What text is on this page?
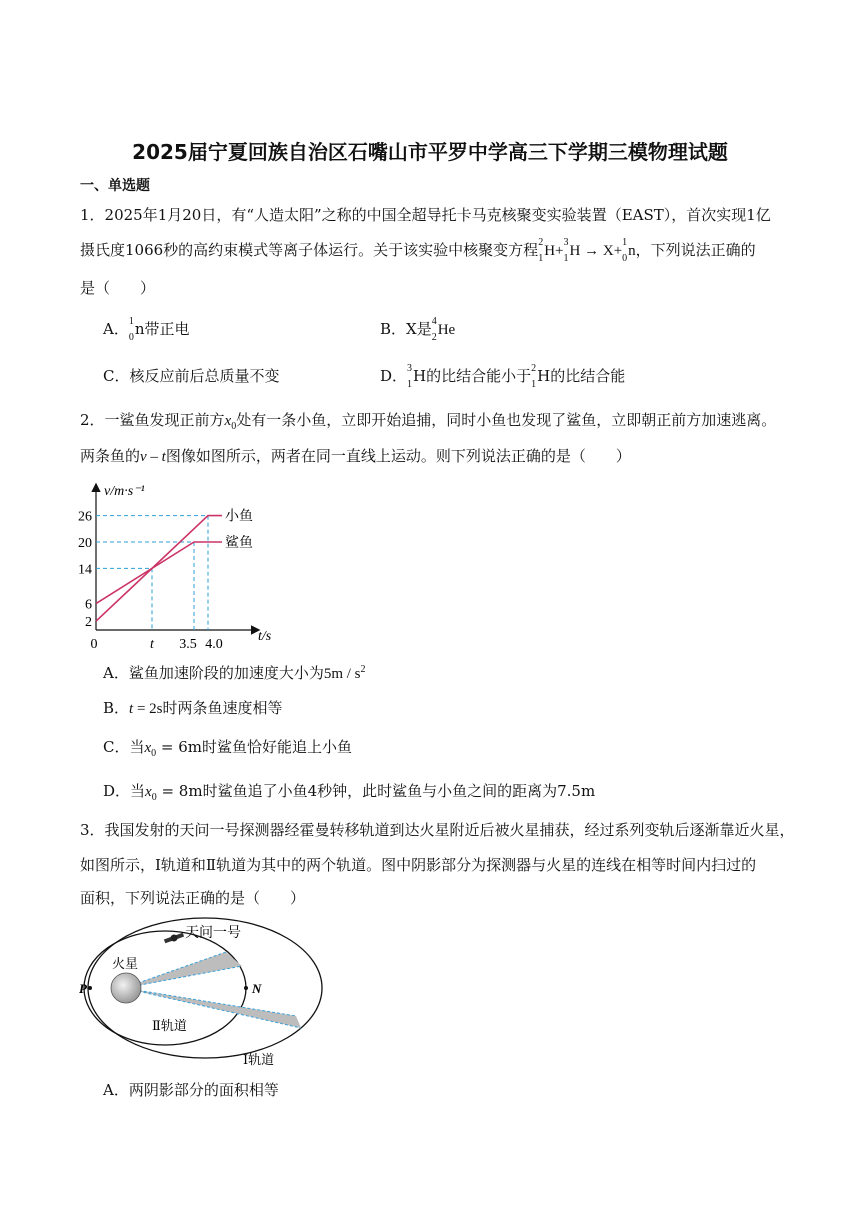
2025届宁夏回族自治区石嘴山市平罗中学高三下学期三模物理试题
一、单选题
1．2025年1月20日，有“人造太阳”之称的中国全超导托卡马克核聚变实验装置（EAST），首次实现1亿
摄氏度1066秒的高约束模式等离子体运行。关于该实验中核聚变方程$^2$
$_1$H+$^3$
$_1$H → X+$^1$
$_0$n，下列说法正确的
是（　　）
A．$^1$
$_0$n带正电	B．X是$^4$
$_2$He
C．核反应前后总质量不变	D．$^3$
$_1$H的比结合能小于$^2$
$_1$H的比结合能
2．一鲨鱼发现正前方$x_0$处有一条小鱼，立即开始追捕，同时小鱼也发现了鲨鱼，立即朝正前方加速逃离。
两条鱼的v – t图像如图所示，两者在同一直线上运动。则下列说法正确的是（　　）
v/m·s⁻¹
t/s
26
20
14
6
2
0	t 3.5 4.0
小鱼
鲨鱼
A．鲨鱼加速阶段的加速度大小为$5m / s^2$
B．t = 2s时两条鱼速度相等
C．当$x_0 = 6m$时鲨鱼恰好能追上小鱼
D．当$x_0 = 8m$时鲨鱼追了小鱼4秒钟，此时鲨鱼与小鱼之间的距离为7.5m
3．我国发射的天问一号探测器经霍曼转移轨道到达火星附近后被火星捕获，经过系列变轨后逐渐靠近火星，
如图所示，Ⅰ轨道和Ⅱ轨道为其中的两个轨道。图中阴影部分为探测器与火星的连线在相等时间内扫过的
面积，下列说法正确的是（　　）
天问一号
火星
P	N
Ⅱ轨道
Ⅰ轨道
A．两阴影部分的面积相等
